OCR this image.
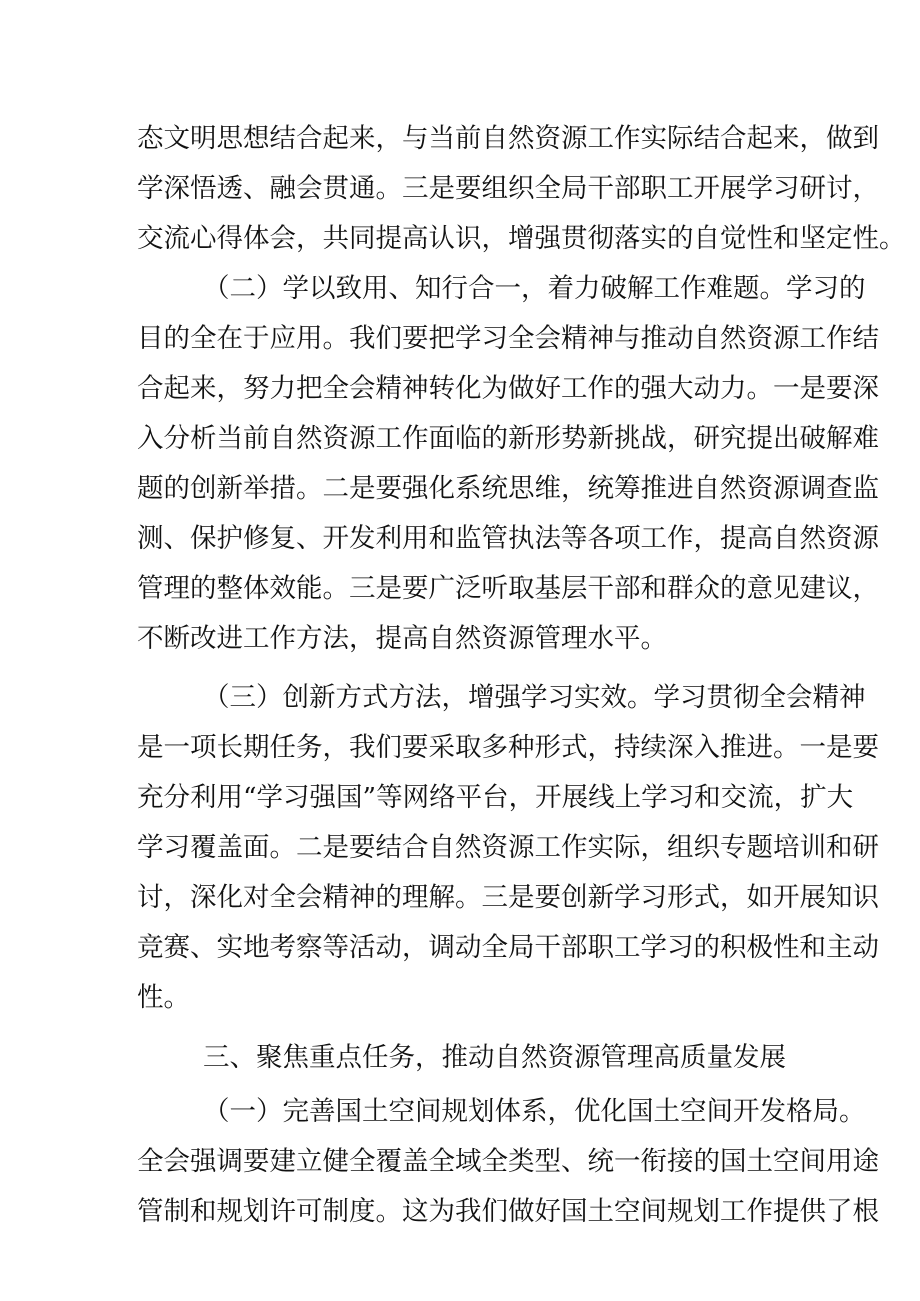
态文明思想结合起来，与当前自然资源工作实际结合起来，做到
学深悟透、融会贯通。三是要组织全局干部职工开展学习研讨，
交流心得体会，共同提高认识，增强贯彻落实的自觉性和坚定性。
（二）学以致用、知行合一，着力破解工作难题。学习的
目的全在于应用。我们要把学习全会精神与推动自然资源工作结
合起来，努力把全会精神转化为做好工作的强大动力。一是要深
入分析当前自然资源工作面临的新形势新挑战，研究提出破解难
题的创新举措。二是要强化系统思维，统筹推进自然资源调查监
测、保护修复、开发利用和监管执法等各项工作，提高自然资源
管理的整体效能。三是要广泛听取基层干部和群众的意见建议，
不断改进工作方法，提高自然资源管理水平。
（三）创新方式方法，增强学习实效。学习贯彻全会精神
是一项长期任务，我们要采取多种形式，持续深入推进。一是要
充分利用“学习强国”等网络平台，开展线上学习和交流，扩大
学习覆盖面。二是要结合自然资源工作实际，组织专题培训和研
讨，深化对全会精神的理解。三是要创新学习形式，如开展知识
竞赛、实地考察等活动，调动全局干部职工学习的积极性和主动
性。
三、聚焦重点任务，推动自然资源管理高质量发展
（一）完善国土空间规划体系，优化国土空间开发格局。
全会强调要建立健全覆盖全域全类型、统一衔接的国土空间用途
管制和规划许可制度。这为我们做好国土空间规划工作提供了根
